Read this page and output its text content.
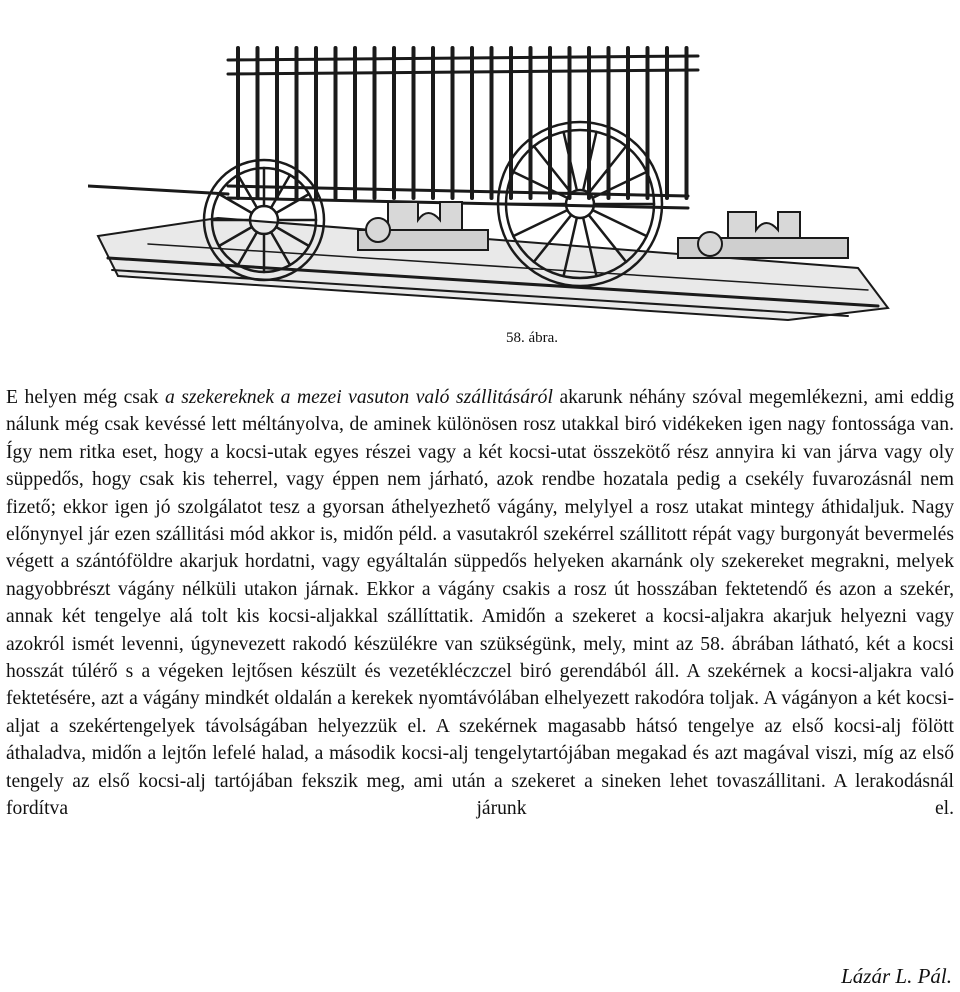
58. ábra.

E helyen még csak a szekereknek a mezei vasuton való szállitásáról akarunk néhány szóval megemlékezni, ami eddig nálunk még csak kevéssé lett méltányolva, de aminek különösen rosz utakkal biró vidékeken igen nagy fontossága van. Így nem ritka eset, hogy a kocsi-utak egyes részei vagy a két kocsi-utat összekötő rész annyira ki van járva vagy oly süppedős, hogy csak kis teherrel, vagy éppen nem járható, azok rendbe hozatala pedig a csekély fuvarozásnál nem fizető; ekkor igen jó szolgálatot tesz a gyorsan áthelyezhető vágány, melylyel a rosz utakat mintegy áthidaljuk. Nagy előnynyel jár ezen szállitási mód akkor is, midőn péld. a vasutakról szekérrel szállitott répát vagy burgonyát bevermelés végett a szántóföldre akarjuk hordatni, vagy egyáltalán süppedős helyeken akarnánk oly szekereket megrakni, melyek nagyobbrészt vágány nélküli utakon járnak. Ekkor a vágány csakis a rosz út hosszában fektetendő és azon a szekér, annak két tengelye alá tolt kis kocsi-aljakkal szállíttatik. Amidőn a szekeret a kocsi-aljakra akarjuk helyezni vagy azokról ismét levenni, úgynevezett rakodó készülékre van szükségünk, mely, mint az 58. ábrában látható, két a kocsi hosszát túlérő s a végeken lejtősen készült és vezetékléczczel biró gerendából áll. A szekérnek a kocsi-aljakra való fektetésére, azt a vágány mindkét oldalán a kerekek nyomtávólában elhelyezett rakodóra toljak. A vágányon a két kocsi-aljat a szekértengelyek távolságában helyezzük el. A szekérnek magasabb hátsó tengelye az első kocsi-alj fölött áthaladva, midőn a lejtőn lefelé halad, a második kocsi-alj tengelytartójában megakad és azt magával viszi, míg az első tengely az első kocsi-alj tartójában fekszik meg, ami után a szekeret a sineken lehet tovaszállitani. A lerakodásnál fordítva járunk el.

Lázár L. Pál.
